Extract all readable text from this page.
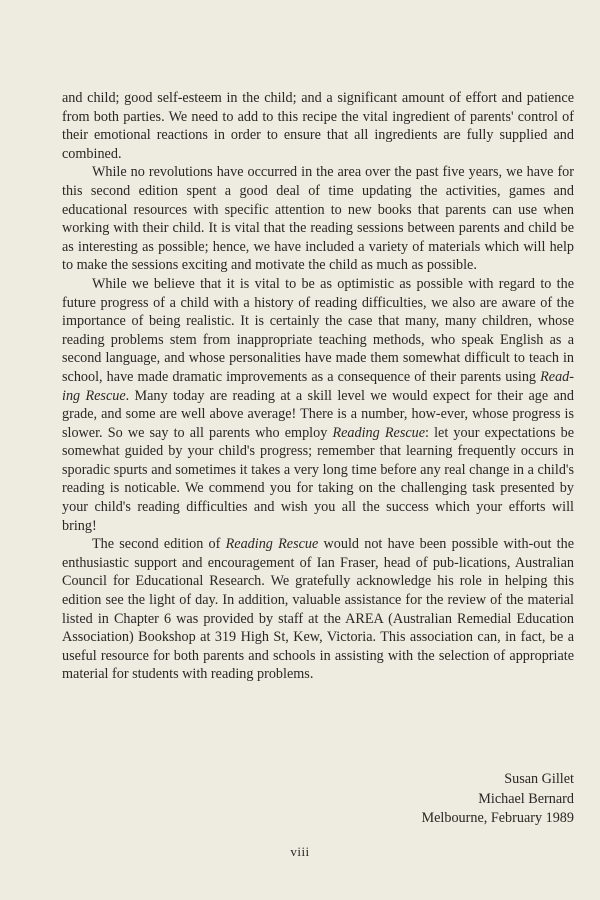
and child; good self-esteem in the child; and a significant amount of effort and patience from both parties. We need to add to this recipe the vital ingredient of parents' control of their emotional reactions in order to ensure that all ingredients are fully supplied and combined.

While no revolutions have occurred in the area over the past five years, we have for this second edition spent a good deal of time updating the activities, games and educational resources with specific attention to new books that parents can use when working with their child. It is vital that the reading sessions between parents and child be as interesting as possible; hence, we have included a variety of materials which will help to make the sessions exciting and motivate the child as much as possible.

While we believe that it is vital to be as optimistic as possible with regard to the future progress of a child with a history of reading difficulties, we also are aware of the importance of being realistic. It is certainly the case that many, many children, whose reading problems stem from inappropriate teaching methods, who speak English as a second language, and whose personalities have made them somewhat difficult to teach in school, have made dramatic improvements as a consequence of their parents using Read-ing Rescue. Many today are reading at a skill level we would expect for their age and grade, and some are well above average! There is a number, how-ever, whose progress is slower. So we say to all parents who employ Reading Rescue: let your expectations be somewhat guided by your child's progress; remember that learning frequently occurs in sporadic spurts and sometimes it takes a very long time before any real change in a child's reading is noticable. We commend you for taking on the challenging task presented by your child's reading difficulties and wish you all the success which your efforts will bring!

The second edition of Reading Rescue would not have been possible with-out the enthusiastic support and encouragement of Ian Fraser, head of pub-lications, Australian Council for Educational Research. We gratefully acknowledge his role in helping this edition see the light of day. In addition, valuable assistance for the review of the material listed in Chapter 6 was provided by staff at the AREA (Australian Remedial Education Association) Bookshop at 319 High St, Kew, Victoria. This association can, in fact, be a useful resource for both parents and schools in assisting with the selection of appropriate material for students with reading problems.

Susan Gillet
Michael Bernard
Melbourne, February 1989
viii
